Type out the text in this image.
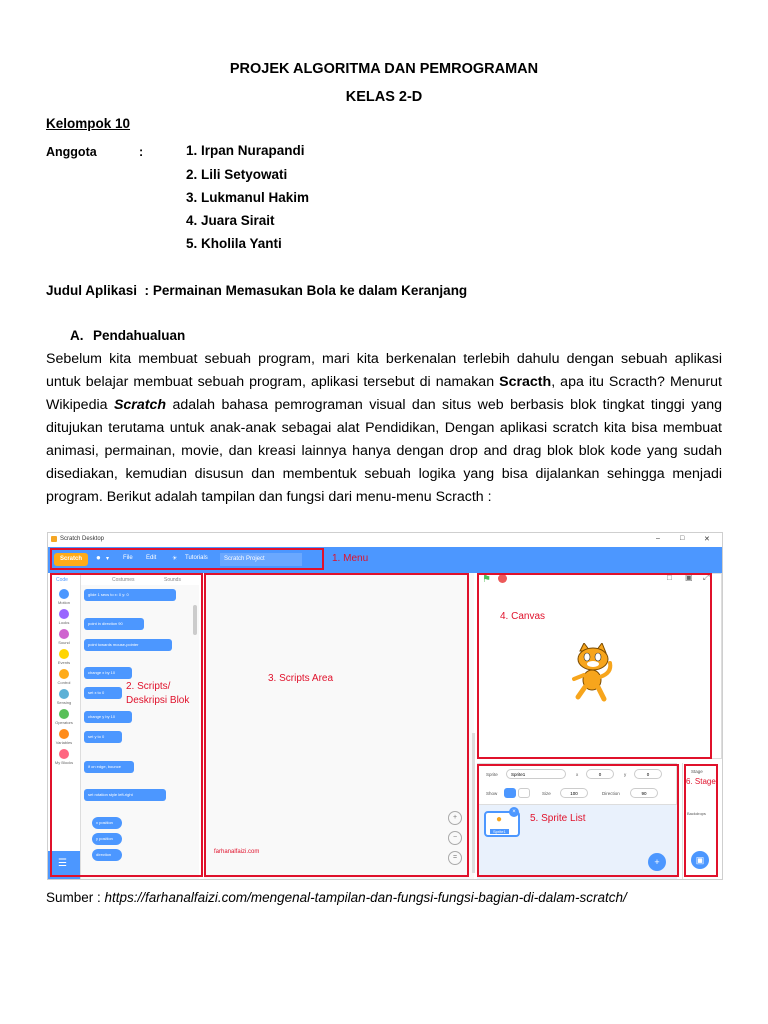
PROJEK ALGORITMA DAN PEMROGRAMAN
KELAS 2-D
Kelompok 10
Anggota	:	1. Irpan Nurapandi
2. Lili Setyowati
3. Lukmanul Hakim
4. Juara Sirait
5. Kholila Yanti
Judul Aplikasi : Permainan Memasukan Bola ke dalam Keranjang
A. Pendahualuan

Sebelum kita membuat sebuah program, mari kita berkenalan terlebih dahulu dengan sebuah aplikasi untuk belajar membuat sebuah program, aplikasi tersebut di namakan Scracth, apa itu Scracth? Menurut Wikipedia Scratch adalah bahasa pemrograman visual dan situs web berbasis blok tingkat tinggi yang ditujukan terutama untuk anak-anak sebagai alat Pendidikan, Dengan aplikasi scratch kita bisa membuat animasi, permainan, movie, dan kreasi lainnya hanya dengan drop and drag blok blok kode yang sudah disediakan, kemudian disusun dan membentuk sebuah logika yang bisa dijalankan sehingga menjadi program. Berikut adalah tampilan dan fungsi dari menu-menu Scracth :

Scratch Desktop	–	□	✕
Scratch	● ▾ File Edit	☀ Tutorials	Scratch Project	1. Menu
☰
Code	Costumes	Sounds
2. Scripts/
Deskripsi Blok
3. Scripts Area
farhanalfaizi.com
+
−
=
⚑	□ ▣ ⤢
4. Canvas
Sprite	Sprite1	x	0	y	0
Show	Size	100	Direction	90
●
Sprite1
×
+
5. Sprite List
Stage
Backdrops
▣
6. Stage
Motion
Looks
Sound
Events
Control
Sensing
Operators
Variables
My Blocks
glide 1 secs to x: 0 y: 0
point in direction 90
point towards mouse-pointer
change x by 10
set x to 0
change y by 10
set y to 0
if on edge, bounce
set rotation style left-right
x position
y position
direction
Sumber : https://farhanalfaizi.com/mengenal-tampilan-dan-fungsi-fungsi-bagian-di-dalam-scratch/
